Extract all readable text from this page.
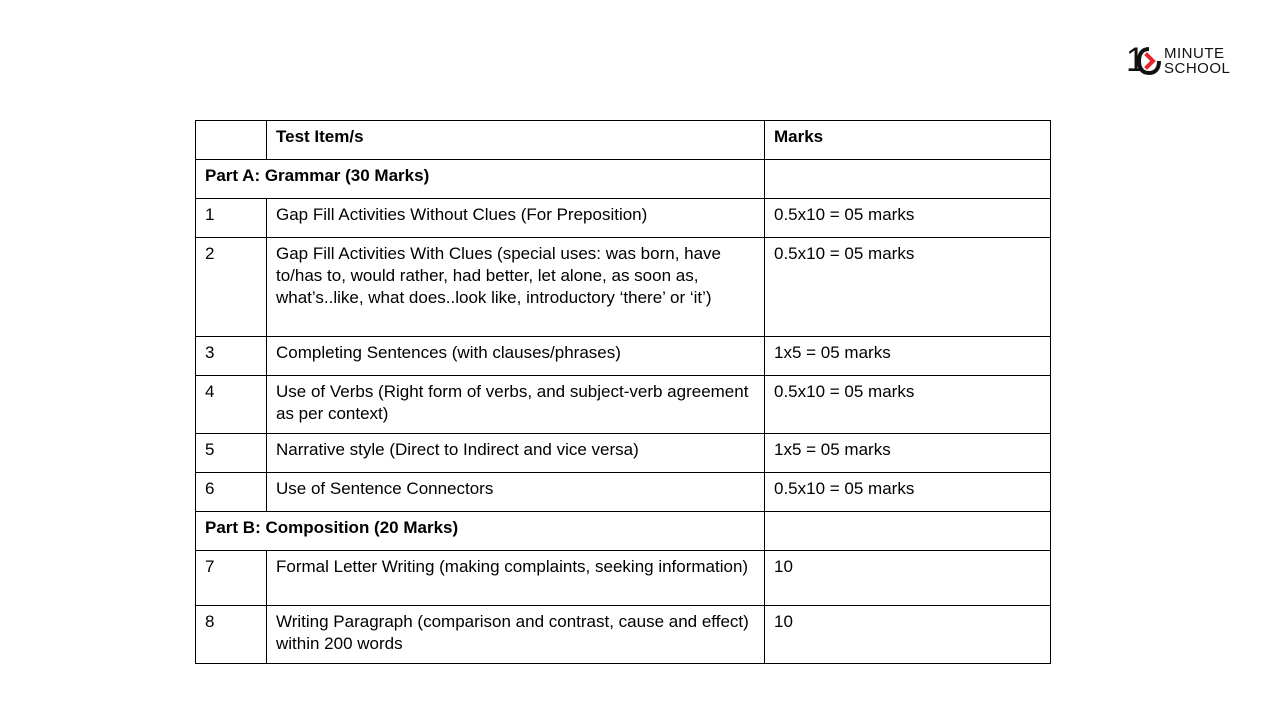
1 MINUTE
SCHOOL
	Test Item/s	Marks
Part A: Grammar (30 Marks)		
1	Gap Fill Activities Without Clues (For Preposition)	0.5x10 = 05 marks
2	Gap Fill Activities With Clues (special uses: was born, have to/has to, would rather, had better, let alone, as soon as, what’s..like, what does..look like, introductory ‘there’ or ‘it’)	0.5x10 = 05 marks
3	Completing Sentences (with clauses/phrases)	1x5 = 05 marks
4	Use of Verbs (Right form of verbs, and subject-verb agreement as per context)	0.5x10 = 05 marks
5	Narrative style (Direct to Indirect and vice versa)	1x5 = 05 marks
6	Use of Sentence Connectors	0.5x10 = 05 marks
Part B: Composition (20 Marks)		
7	Formal Letter Writing (making complaints, seeking information)	10
8	Writing Paragraph (comparison and contrast, cause and effect) within 200 words	10
